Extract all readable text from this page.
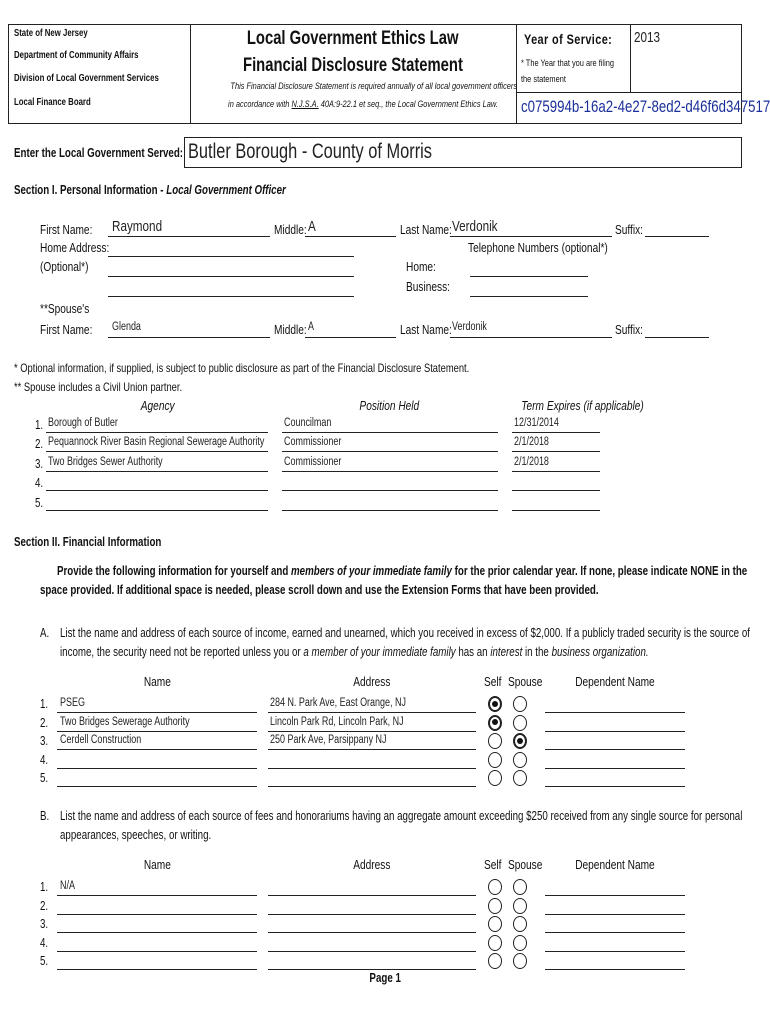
State of New Jersey
Department of Community Affairs
Division of Local Government Services
Local Finance Board
Local Government Ethics Law
Financial Disclosure Statement
This Financial Disclosure Statement is required annually of all local government officers
in accordance with N.J.S.A. 40A:9-22.1 et seq., the Local Government Ethics Law.
Year of Service:	2013
* The Year that you are filing
the statement
c075994b-16a2-4e27-8ed2-d46f6d347517
Enter the Local Government Served: Butler Borough - County of Morris
Section I. Personal Information - Local Government Officer
First Name:	Raymond	Middle: A	Last Name: Verdonik	Suffix:
Home Address:
(Optional*)
Telephone Numbers (optional*)
Home:
Business:
**Spouse's
First Name:	Glenda	Middle: A	Last Name: Verdonik	Suffix:
* Optional information, if supplied, is subject to public disclosure as part of the Financial Disclosure Statement.
** Spouse includes a Civil Union partner.
Agency	Position Held	Term Expires (if applicable)
1. Borough of Butler	Councilman	12/31/2014
2. Pequannock River Basin Regional Sewerage Authority	Commissioner	2/1/2018
3. Two Bridges Sewer Authority	Commissioner	2/1/2018
4.
5.
Section II. Financial Information
Provide the following information for yourself and members of your immediate family for the prior calendar year. If none, please indicate NONE in the
space provided. If additional space is needed, please scroll down and use the Extension Forms that have been provided.
A. List the name and address of each source of income, earned and unearned, which you received in excess of $2,000. If a publicly traded security is the source of
income, the security need not be reported unless you or a member of your immediate family has an interest in the business organization.
Name	Address	Self Spouse	Dependent Name
1. PSEG	284 N. Park Ave, East Orange, NJ
2. Two Bridges Sewerage Authority	Lincoln Park Rd, Lincoln Park, NJ
3. Cerdell Construction	250 Park Ave, Parsippany NJ
4.
5.
B. List the name and address of each source of fees and honorariums having an aggregate amount exceeding $250 received from any single source for personal
appearances, speeches, or writing.
Name	Address	Self Spouse	Dependent Name
1. N/A
2.
3.
4.
5.
Page 1
